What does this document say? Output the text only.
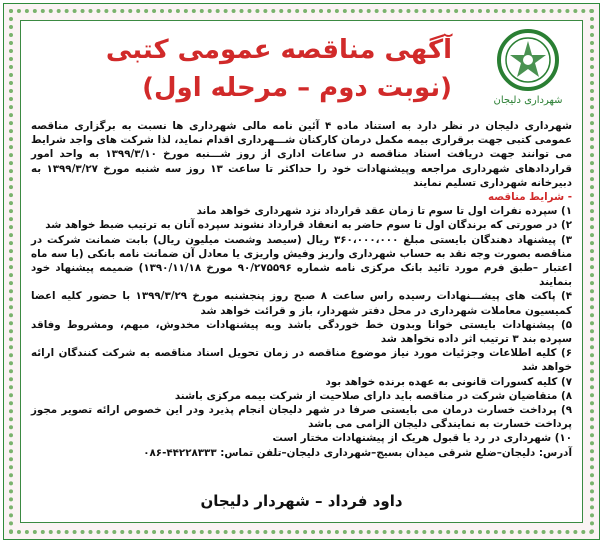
شهرداری دلیجان
آگهی مناقصه عمومی کتبی
(نوبت دوم – مرحله اول)

شهرداری دلیجان در نظر دارد به استناد ماده ۴ آئین نامه مالی شهرداری ها نسبت به برگزاری مناقصه عمومی کتبی جهت برقراری بیمه مکمل درمان کارکنان شـــهرداری اقدام نماید، لذا شرکت های واجد شرایط می توانند جهت دریافت اسناد مناقصه در ساعات اداری از روز شـــنبه مورخ ۱۳۹۹/۳/۱۰ به واحد امور قراردادهای شهرداری مراجعه وپیشنهادات خود را حداکثر تا ساعت ۱۳ روز سه شنبه مورخ ۱۳۹۹/۳/۲۷ به دبیرخانه شهرداری تسلیم نمایند

- شرایط مناقصه

۱) سپرده نفرات اول تا سوم تا زمان عقد قرارداد نزد شهرداری خواهد ماند
۲) در صورتی که برندگان اول تا سوم حاضر به انعقاد قرارداد نشوند سپرده آنان به ترتیب ضبط خواهد شد
۳) پیشنهاد دهندگان بایستی مبلغ ۳۶۰،۰۰۰،۰۰۰ ریال (سیصد وشصت میلیون ریال) بابت ضمانت شرکت در مناقصه بصورت وجه نقد به حساب شهرداری واریز وفیش واریزی یا معادل آن ضمانت نامه بانکی (با سه ماه اعتبار –طبق فرم مورد تائید بانک مرکزی نامه شماره ۹۰/۲۷۵۵۹۶ مورخ ۱۳۹۰/۱۱/۱۸) ضمیمه پیشنهاد خود بنمایند
۴) پاکت های پیشـــنهادات رسیده راس ساعت ۸ صبح روز پنجشنبه مورخ ۱۳۹۹/۳/۲۹ با حضور کلیه اعضا کمیسیون معاملات شهرداری در محل دفتر شهردار، باز و قرائت خواهد شد
۵) پیشنهادات بایستی خوانا وبدون خط خوردگی باشد وبه پیشنهادات مخدوش، مبهم، ومشروط وفاقد سپرده بند ۳ ترتیب اثر داده نخواهد شد
۶) کلیه اطلاعات وجزئیات مورد نیاز موضوع مناقصه در زمان تحویل اسناد مناقصه به شرکت کنندگان ارائه خواهد شد
۷) کلیه کسورات قانونی به عهده برنده خواهد بود
۸) متقاضیان شرکت در مناقصه باید دارای صلاحیت از شرکت بیمه مرکزی باشند
۹) پرداخت خسارت درمان می بایستی صرفا در شهر دلیجان انجام پذیرد ودر این خصوص ارائه تصویر مجوز پرداخت خسارت به نمایندگی دلیجان الزامی می باشد
۱۰) شهرداری در رد یا قبول هریک از پیشنهادات مختار است

آدرس: دلیجان–ضلع شرقی میدان بسیج–شهرداری دلیجان–تلفن تماس: ۴۴۲۲۸۳۳۳-۰۸۶

داود فرداد – شهردار دلیجان
